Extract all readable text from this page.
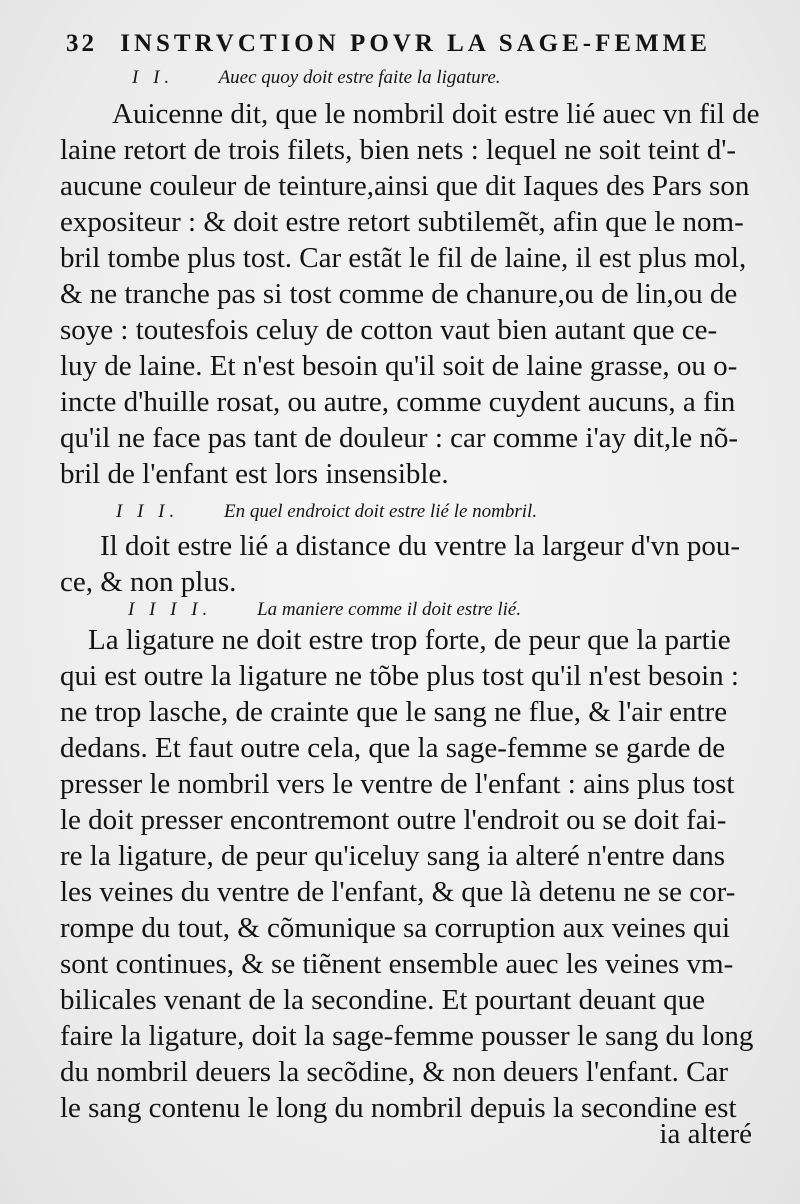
32 INSTRVCTION POVR LA SAGE-FEMME
I I. Auec quoy doit estre faite la ligature.
Auicenne dit, que le nombril doit estre lié auec vn fil de
laine retort de trois filets, bien nets : lequel ne soit teint d'-
aucune couleur de teinture,ainsi que dit Iaques des Pars son
expositeur : & doit estre retort subtilemẽt, afin que le nom-
bril tombe plus tost. Car estãt le fil de laine, il est plus mol,
& ne tranche pas si tost comme de chanure,ou de lin,ou de
soye : toutesfois celuy de cotton vaut bien autant que ce-
luy de laine. Et n'est besoin qu'il soit de laine grasse, ou o-
incte d'huille rosat, ou autre, comme cuydent aucuns, a fin
qu'il ne face pas tant de douleur : car comme i'ay dit,le nõ-
bril de l'enfant est lors insensible.
I I I. En quel endroict doit estre lié le nombril.
Il doit estre lié a distance du ventre la largeur d'vn pou-
ce, & non plus.
I I I I. La maniere comme il doit estre lié.
La ligature ne doit estre trop forte, de peur que la partie
qui est outre la ligature ne tõbe plus tost qu'il n'est besoin :
ne trop lasche, de crainte que le sang ne flue, & l'air entre
dedans. Et faut outre cela, que la sage-femme se garde de
presser le nombril vers le ventre de l'enfant : ains plus tost
le doit presser encontremont outre l'endroit ou se doit fai-
re la ligature, de peur qu'iceluy sang ia alteré n'entre dans
les veines du ventre de l'enfant, & que là detenu ne se cor-
rompe du tout, & cõmunique sa corruption aux veines qui
sont continues, & se tiẽnent ensemble auec les veines vm-
bilicales venant de la secondine. Et pourtant deuant que
faire la ligature, doit la sage-femme pousser le sang du long
du nombril deuers la secõdine, & non deuers l'enfant. Car
le sang contenu le long du nombril depuis la secondine est
ia alteré
